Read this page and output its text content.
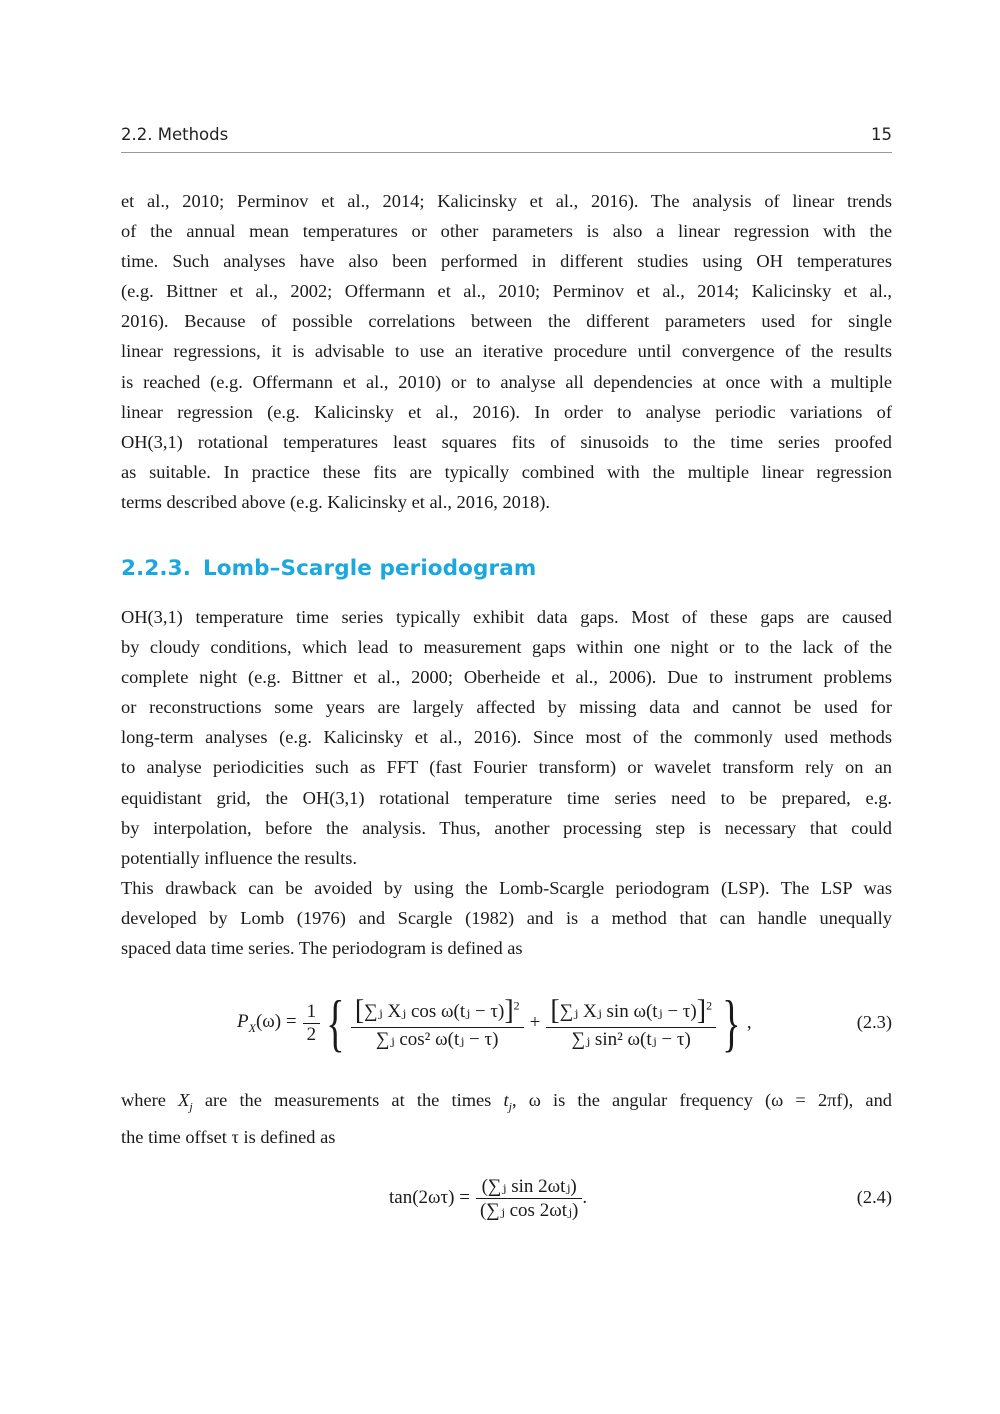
2.2. Methods	15
et al., 2010; Perminov et al., 2014; Kalicinsky et al., 2016). The analysis of linear trends
of the annual mean temperatures or other parameters is also a linear regression with the
time. Such analyses have also been performed in different studies using OH temperatures
(e.g. Bittner et al., 2002; Offermann et al., 2010; Perminov et al., 2014; Kalicinsky et al.,
2016). Because of possible correlations between the different parameters used for single
linear regressions, it is advisable to use an iterative procedure until convergence of the results
is reached (e.g. Offermann et al., 2010) or to analyse all dependencies at once with a multiple
linear regression (e.g. Kalicinsky et al., 2016). In order to analyse periodic variations of
OH(3,1) rotational temperatures least squares fits of sinusoids to the time series proofed
as suitable. In practice these fits are typically combined with the multiple linear regression
terms described above (e.g. Kalicinsky et al., 2016, 2018).
2.2.3. Lomb–Scargle periodogram
OH(3,1) temperature time series typically exhibit data gaps. Most of these gaps are caused
by cloudy conditions, which lead to measurement gaps within one night or to the lack of the
complete night (e.g. Bittner et al., 2000; Oberheide et al., 2006). Due to instrument problems
or reconstructions some years are largely affected by missing data and cannot be used for
long-term analyses (e.g. Kalicinsky et al., 2016). Since most of the commonly used methods
to analyse periodicities such as FFT (fast Fourier transform) or wavelet transform rely on an
equidistant grid, the OH(3,1) rotational temperature time series need to be prepared, e.g.
by interpolation, before the analysis. Thus, another processing step is necessary that could
potentially influence the results.
This drawback can be avoided by using the Lomb-Scargle periodogram (LSP). The LSP was
developed by Lomb (1976) and Scargle (1982) and is a method that can handle unequally
spaced data time series. The periodogram is defined as
$P_X(\omega) = \frac{1}{2}$ { $\frac{[\sum ⱼ Xⱼ \cos \omega(tⱼ - \tau)]^2}{\text{∑ⱼ cos² ω(tⱼ − τ)}} + \frac{[\sum ⱼ Xⱼ \sin \omega(tⱼ - \tau)]^2}{\text{∑ⱼ sin² ω(tⱼ − τ)}}$ } ,	(2.3)
where $X_j$ are the measurements at the times $t_j$, ω is the angular frequency (ω = 2πf), and
the time offset τ is defined as
$\tan(2\omega\tau) = \frac{\text{(∑ⱼ sin 2ωtⱼ)}}{\text{(∑ⱼ cos 2ωtⱼ)}}$ .	(2.4)
